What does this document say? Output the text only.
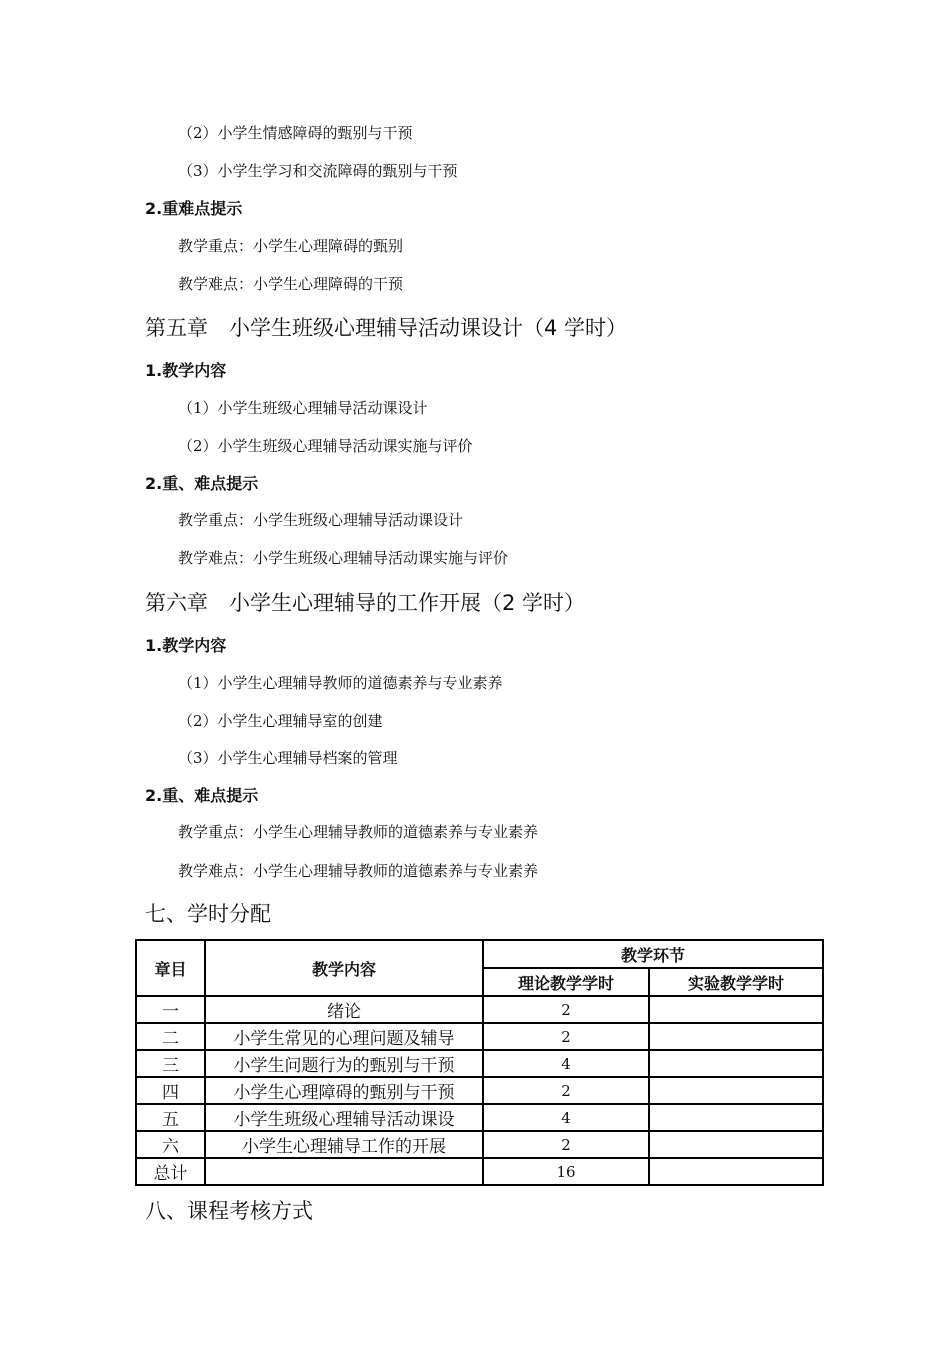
（2）小学生情感障碍的甄别与干预
（3）小学生学习和交流障碍的甄别与干预
2.重难点提示
教学重点：小学生心理障碍的甄别
教学难点：小学生心理障碍的干预
第五章　小学生班级心理辅导活动课设计（4 学时）
1.教学内容
（1）小学生班级心理辅导活动课设计
（2）小学生班级心理辅导活动课实施与评价
2.重、难点提示
教学重点：小学生班级心理辅导活动课设计
教学难点：小学生班级心理辅导活动课实施与评价
第六章　小学生心理辅导的工作开展（2 学时）
1.教学内容
（1）小学生心理辅导教师的道德素养与专业素养
（2）小学生心理辅导室的创建
（3）小学生心理辅导档案的管理
2.重、难点提示
教学重点：小学生心理辅导教师的道德素养与专业素养
教学难点：小学生心理辅导教师的道德素养与专业素养
七、学时分配
章目	教学内容	教学环节	
		理论教学学时	实验教学学时
一	绪论	2	
二	小学生常见的心理问题及辅导	2	
三	小学生问题行为的甄别与干预	4	
四	小学生心理障碍的甄别与干预	2	
五	小学生班级心理辅导活动课设	4	
六	小学生心理辅导工作的开展	2	
总计		16	
八、课程考核方式
